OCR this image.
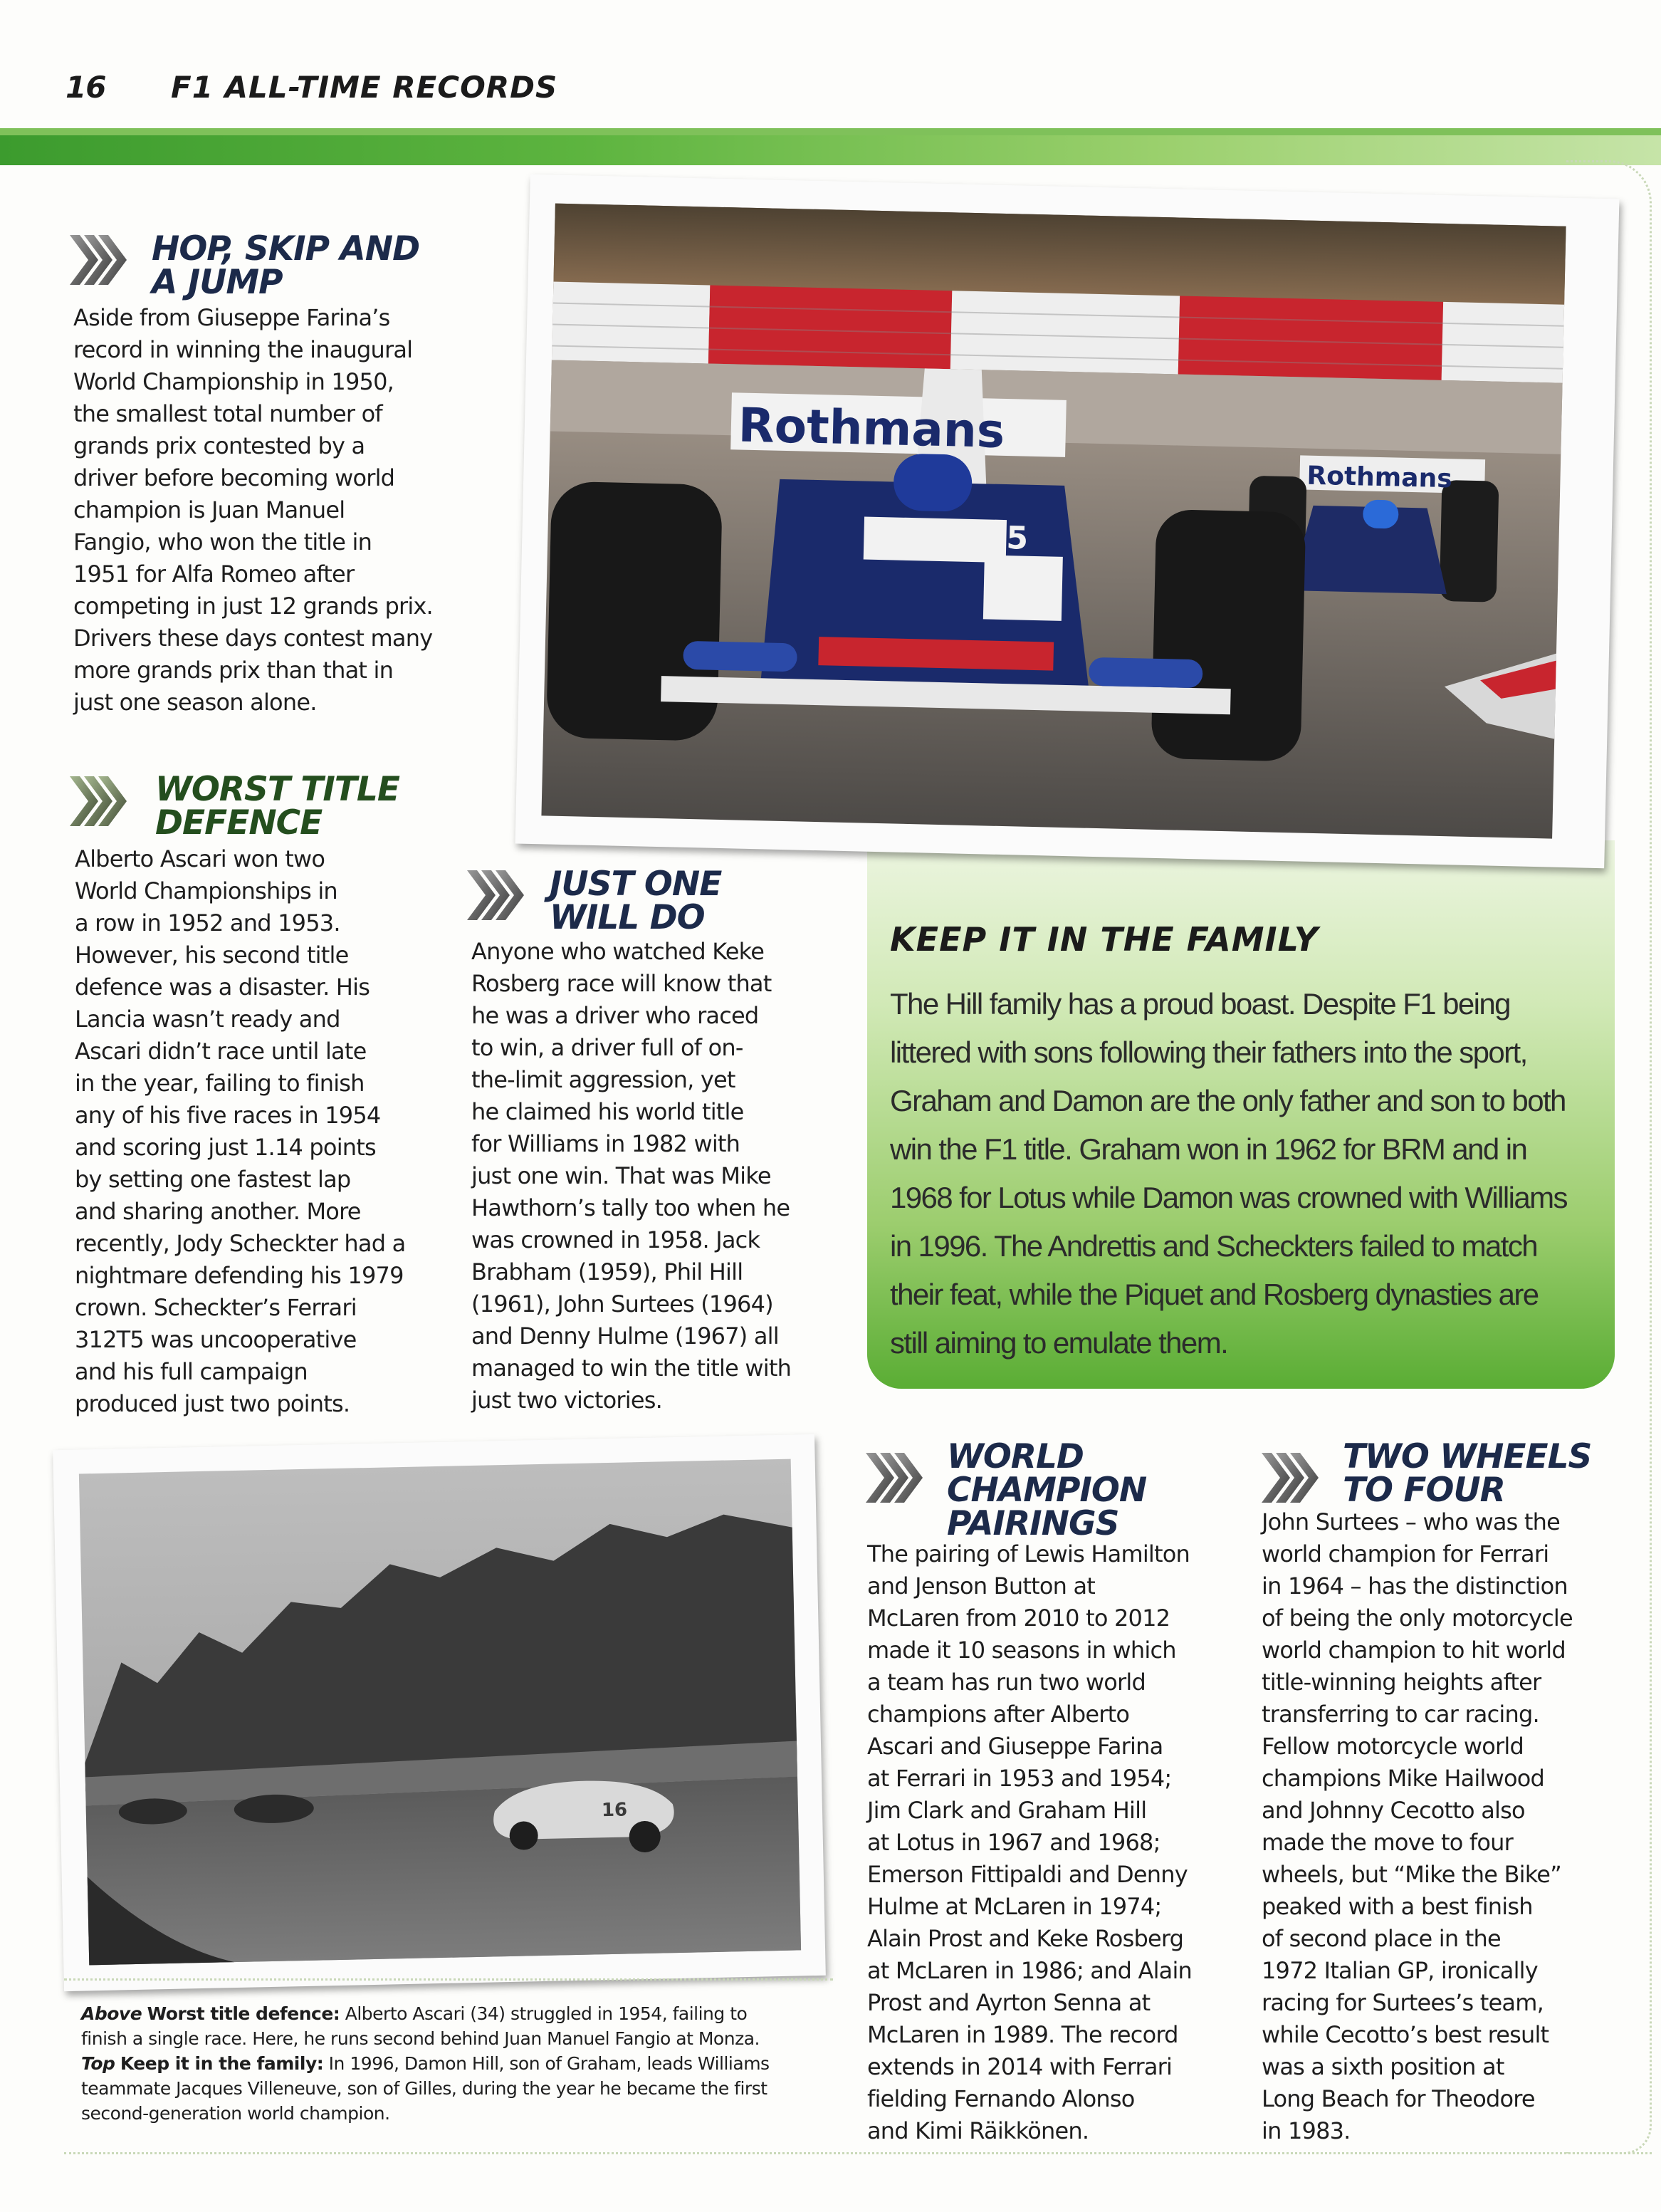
16 F1 ALL-TIME RECORDS
HOP, SKIP AND
A JUMP

Aside from Giuseppe Farina’s

record in winning the inaugural

World Championship in 1950,

the smallest total number of

grands prix contested by a

driver before becoming world

champion is Juan Manuel

Fangio, who won the title in

1951 for Alfa Romeo after

competing in just 12 grands prix.

Drivers these days contest many

more grands prix than that in

just one season alone.

WORST TITLE
DEFENCE

Alberto Ascari won two

World Championships in

a row in 1952 and 1953.

However, his second title

defence was a disaster. His

Lancia wasn’t ready and

Ascari didn’t race until late

in the year, failing to finish

any of his five races in 1954

and scoring just 1.14 points

by setting one fastest lap

and sharing another. More

recently, Jody Scheckter had a

nightmare defending his 1979

crown. Scheckter’s Ferrari

312T5 was uncooperative

and his full campaign

produced just two points.

JUST ONE
WILL DO

Anyone who watched Keke

Rosberg race will know that

he was a driver who raced

to win, a driver full of on-

the-limit aggression, yet

he claimed his world title

for Williams in 1982 with

just one win. That was Mike

Hawthorn’s tally too when he

was crowned in 1958. Jack

Brabham (1959), Phil Hill

(1961), John Surtees (1964)

and Denny Hulme (1967) all

managed to win the title with

just two victories.

KEEP IT IN THE FAMILY

The Hill family has a proud boast. Despite F1 being

littered with sons following their fathers into the sport,

Graham and Damon are the only father and son to both

win the F1 title. Graham won in 1962 for BRM and in

1968 for Lotus while Damon was crowned with Williams

in 1996. The Andrettis and Scheckters failed to match

their feat, while the Piquet and Rosberg dynasties are

still aiming to emulate them.

Rothmans
Rothmans
5
16
WORLD
CHAMPION
PAIRINGS

The pairing of Lewis Hamilton

and Jenson Button at

McLaren from 2010 to 2012

made it 10 seasons in which

a team has run two world

champions after Alberto

Ascari and Giuseppe Farina

at Ferrari in 1953 and 1954;

Jim Clark and Graham Hill

at Lotus in 1967 and 1968;

Emerson Fittipaldi and Denny

Hulme at McLaren in 1974;

Alain Prost and Keke Rosberg

at McLaren in 1986; and Alain

Prost and Ayrton Senna at

McLaren in 1989. The record

extends in 2014 with Ferrari

fielding Fernando Alonso

and Kimi Räikkönen.

TWO WHEELS
TO FOUR

John Surtees – who was the

world champion for Ferrari

in 1964 – has the distinction

of being the only motorcycle

world champion to hit world

title-winning heights after

transferring to car racing.

Fellow motorcycle world

champions Mike Hailwood

and Johnny Cecotto also

made the move to four

wheels, but “Mike the Bike”

peaked with a best finish

of second place in the

1972 Italian GP, ironically

racing for Surtees’s team,

while Cecotto’s best result

was a sixth position at

Long Beach for Theodore

in 1983.

Above Worst title defence: Alberto Ascari (34) struggled in 1954, failing to

finish a single race. Here, he runs second behind Juan Manuel Fangio at Monza.

Top Keep it in the family: In 1996, Damon Hill, son of Graham, leads Williams

teammate Jacques Villeneuve, son of Gilles, during the year he became the first

second-generation world champion.
